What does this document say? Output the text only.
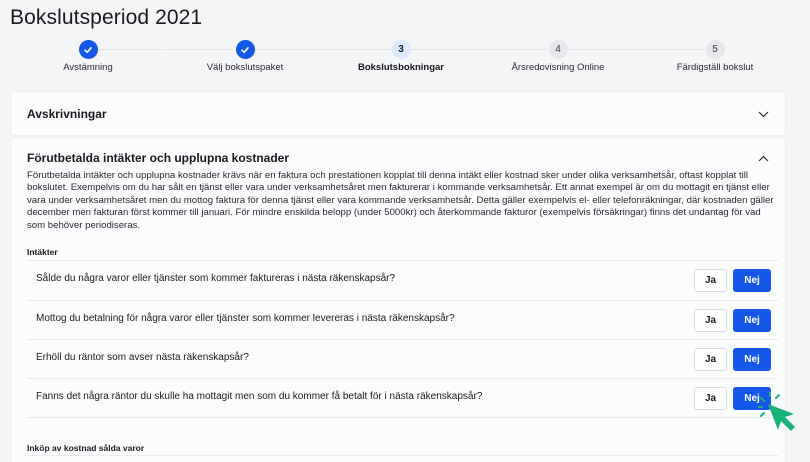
Bokslutsperiod 2021
Avstämning	Välj bokslutspaket
3
Bokslutsbokningar
4
Årsredovisning Online
5
Färdigställ bokslut
Avskrivningar
Förutbetalda intäkter och upplupna kostnader
Förutbetalda intäkter och upplupna kostnader krävs när en faktura och prestationen kopplat till denna intäkt eller kostnad sker under olika verksamhetsår, oftast kopplat till bokslutet. Exempelvis om du har sålt en tjänst eller vara under verksamhetsåret men fakturerar i kommande verksamhetsår. Ett annat exempel är om du mottagit en tjänst eller vara under verksamhetsåret men du mottog faktura för denna tjänst eller vara kommande verksamhetsår. Detta gäller exempelvis el- eller telefonräkningar, där kostnaden gäller december men fakturan först kommer till januari. För mindre enskilda belopp (under 5000kr) och återkommande fakturor (exempelvis försäkringar) finns det undantag för vad som behöver periodiseras.
Intäkter
Sålde du några varor eller tjänster som kommer faktureras i nästa räkenskapsår?	Ja	Nej
Mottog du betalning för några varor eller tjänster som kommer levereras i nästa räkenskapsår?	Ja	Nej
Erhöll du räntor som avser nästa räkenskapsår?	Ja	Nej
Fanns det några räntor du skulle ha mottagit men som du kommer få betalt för i nästa räkenskapsår?	Ja	Nej
Inköp av kostnad sålda varor
